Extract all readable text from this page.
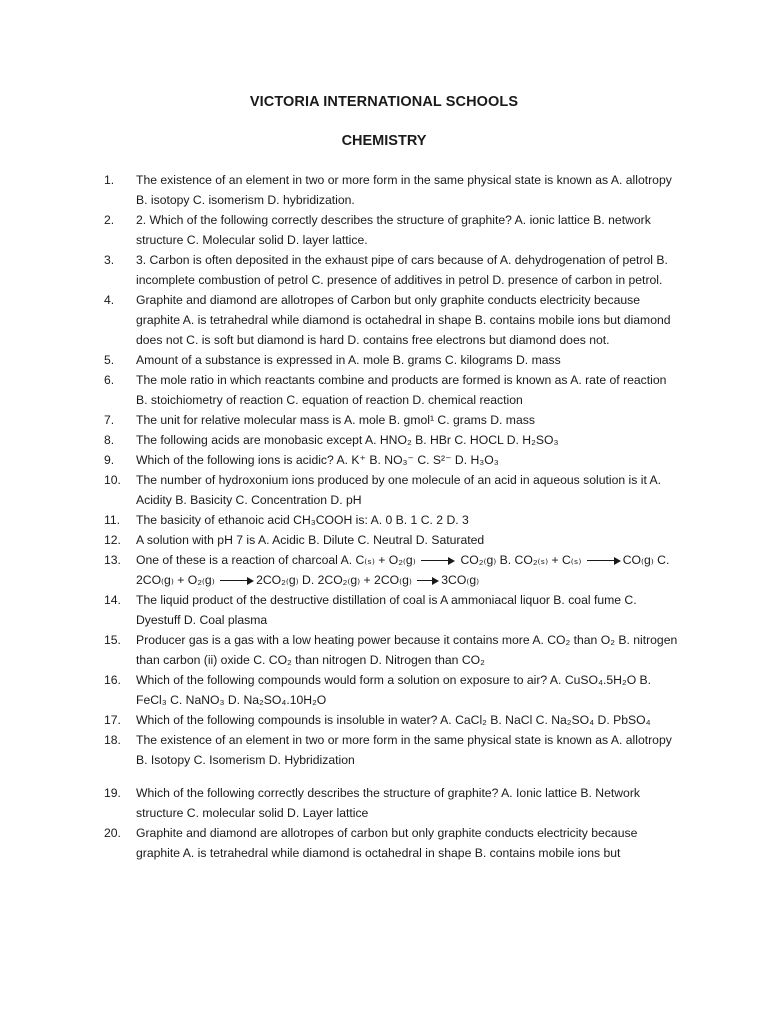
VICTORIA INTERNATIONAL SCHOOLS
CHEMISTRY
1.	The existence of an element in two or more form in the same physical state is known as A. allotropy B. isotopy C. isomerism D. hybridization.
2.	2. Which of the following correctly describes the structure of graphite? A. ionic lattice B. network structure C. Molecular solid D. layer lattice.
3.	3. Carbon is often deposited in the exhaust pipe of cars because of A. dehydrogenation of petrol B. incomplete combustion of petrol C. presence of additives in petrol D. presence of carbon in petrol.
4.	Graphite and diamond are allotropes of Carbon but only graphite conducts electricity because graphite A. is tetrahedral while diamond is octahedral in shape B. contains mobile ions but diamond does not C. is soft but diamond is hard D. contains free electrons but diamond does not.
5.	Amount of a substance is expressed in A. mole B. grams C. kilograms D. mass
6.	The mole ratio in which reactants combine and products are formed is known as A. rate of reaction B. stoichiometry of reaction C. equation of reaction D. chemical reaction
7.	The unit for relative molecular mass is A. mole B. gmol¹ C. grams D. mass
8.	The following acids are monobasic except A. HNO₂ B. HBr C. HOCL D. H₂SO₃
9.	Which of the following ions is acidic? A. K⁺ B. NO₃⁻ C. S²⁻ D. H₃O₃
10.	The number of hydroxonium ions produced by one molecule of an acid in aqueous solution is it A. Acidity B. Basicity C. Concentration D. pH
11.	The basicity of ethanoic acid CH₃COOH is: A. 0 B. 1 C. 2 D. 3
12.	A solution with pH 7 is A. Acidic B. Dilute C. Neutral D. Saturated
13.	One of these is a reaction of charcoal A. C₍ₛ₎ + O₂₍g₎	CO₂₍g₎ B. CO₂₍ₛ₎ + C₍ₛ₎	CO₍g₎ C. 2CO₍g₎ + O₂₍g₎	2CO₂₍g₎ D. 2CO₂₍g₎ + 2CO₍g₎ 3CO₍g₎
14.	The liquid product of the destructive distillation of coal is A ammoniacal liquor B. coal fume C. Dyestuff D. Coal plasma
15.	Producer gas is a gas with a low heating power because it contains more A. CO₂ than O₂ B. nitrogen than carbon (ii) oxide C. CO₂ than nitrogen D. Nitrogen than CO₂
16.	Which of the following compounds would form a solution on exposure to air? A. CuSO₄.5H₂O B. FeCl₃ C. NaNO₃ D. Na₂SO₄.10H₂O
17.	Which of the following compounds is insoluble in water? A. CaCl₂ B. NaCl C. Na₂SO₄ D. PbSO₄
18.	The existence of an element in two or more form in the same physical state is known as A. allotropy B. Isotopy C. Isomerism D. Hybridization
19.	Which of the following correctly describes the structure of graphite? A. Ionic lattice B. Network structure C. molecular solid D. Layer lattice
20.	Graphite and diamond are allotropes of carbon but only graphite conducts electricity because graphite A. is tetrahedral while diamond is octahedral in shape B. contains mobile ions but
